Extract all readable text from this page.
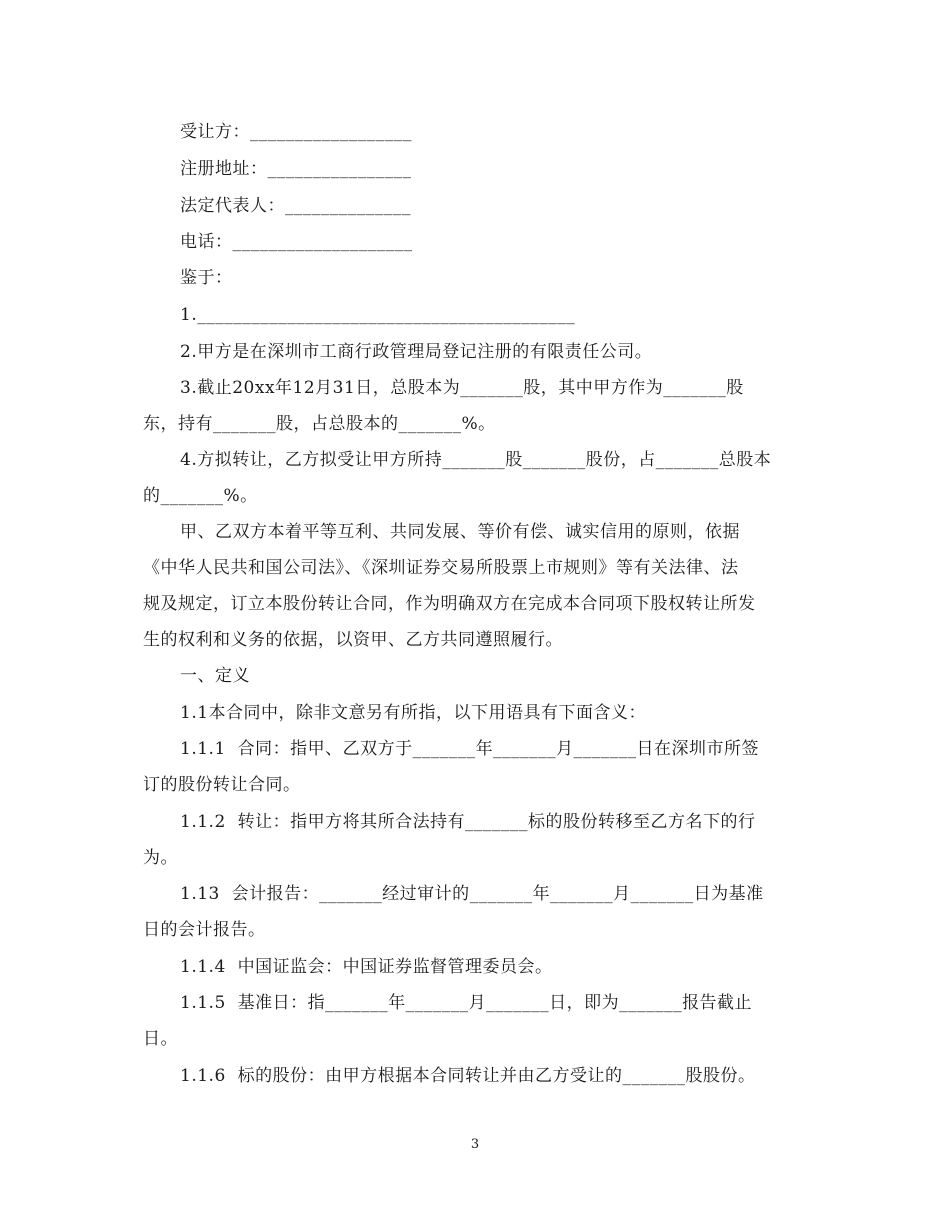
受让方：__________________
注册地址：________________
法定代表人：______________
电话：____________________
鉴于：
1.__________________________________________
2.甲方是在深圳市工商行政管理局登记注册的有限责任公司。
3.截止20xx年12月31日，总股本为_______股，其中甲方作为_______股
东，持有_______股，占总股本的_______%。
4.方拟转让，乙方拟受让甲方所持_______股_______股份，占_______总股本
的_______%。
甲、乙双方本着平等互利、共同发展、等价有偿、诚实信用的原则，依据
《中华人民共和国公司法》、《深圳证券交易所股票上市规则》等有关法律、法
规及规定，订立本股份转让合同，作为明确双方在完成本合同项下股权转让所发
生的权利和义务的依据，以资甲、乙方共同遵照履行。
一、定义
1.1本合同中，除非文意另有所指，以下用语具有下面含义：
1.1.1  合同：指甲、乙双方于_______年_______月_______日在深圳市所签
订的股份转让合同。
1.1.2  转让：指甲方将其所合法持有_______标的股份转移至乙方名下的行
为。
1.13  会计报告：_______经过审计的_______年_______月_______日为基准
日的会计报告。
1.1.4  中国证监会：中国证券监督管理委员会。
1.1.5  基准日：指_______年_______月_______日，即为_______报告截止
日。
1.1.6  标的股份：由甲方根据本合同转让并由乙方受让的_______股股份。
3
